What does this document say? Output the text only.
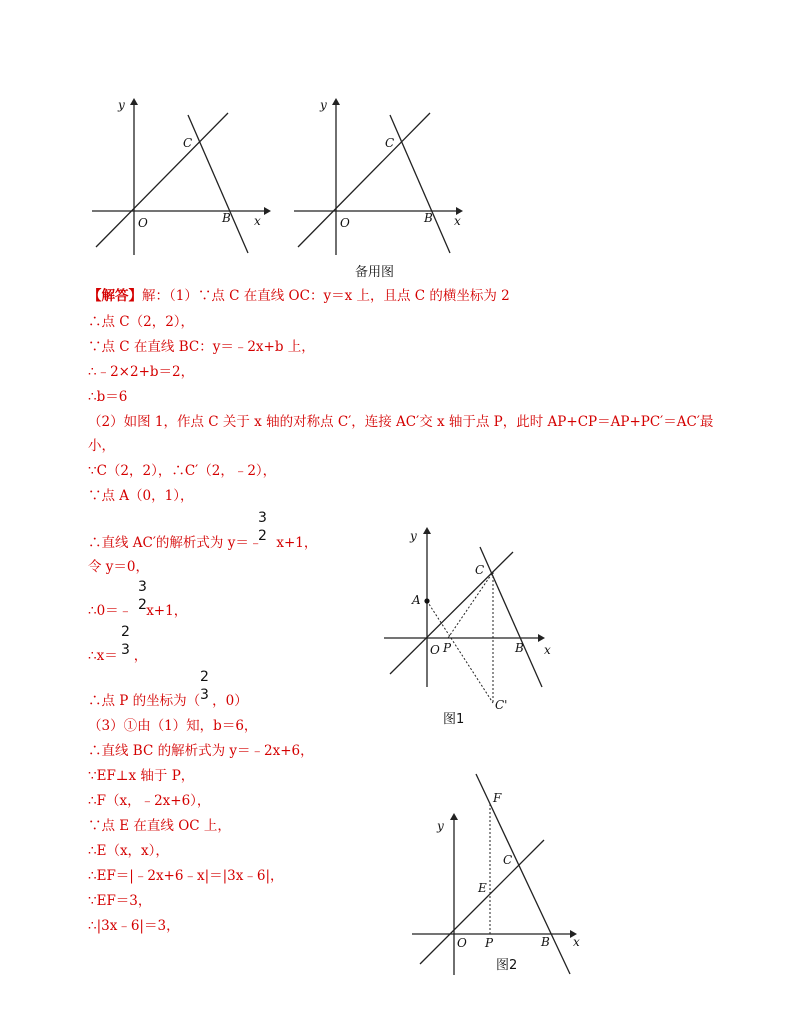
y
C
O	B x
y
C
O	B x
备用图
【解答】解：（1）∵点 C 在直线 OC：y＝x 上，且点 C 的横坐标为 2
∴点 C（2，2），
∵点 C 在直线 BC：y＝﹣2x+b 上，
∴﹣2×2+b＝2，
∴b＝6
（2）如图 1，作点 C 关于 x 轴的对称点 C′，连接 AC′交 x 轴于点 P，此时 AP+CP＝AP+PC′＝AC′最
小，
∵C（2，2），∴C′（2，﹣2），
∵点 A（0，1），
∴直线 AC′的解析式为 y＝﹣ x+1，
3
2
令 y＝0，
∴0＝﹣ x+1，
3
2
∴x＝ ，
2
3
∴点 P 的坐标为（ ，0）
2
3
（3）①由（1）知，b＝6，
∴直线 BC 的解析式为 y＝﹣2x+6，
∵EF⊥x 轴于 P，
∴F（x，﹣2x+6），
∵点 E 在直线 OC 上，
∴E（x，x），
∴EF＝|﹣2x+6﹣x|＝|3x﹣6|，
∵EF＝3，
∴|3x﹣6|＝3，
y
A
C
O P	B x
C'
图1
y
F
C
E
O P	B x
图2
